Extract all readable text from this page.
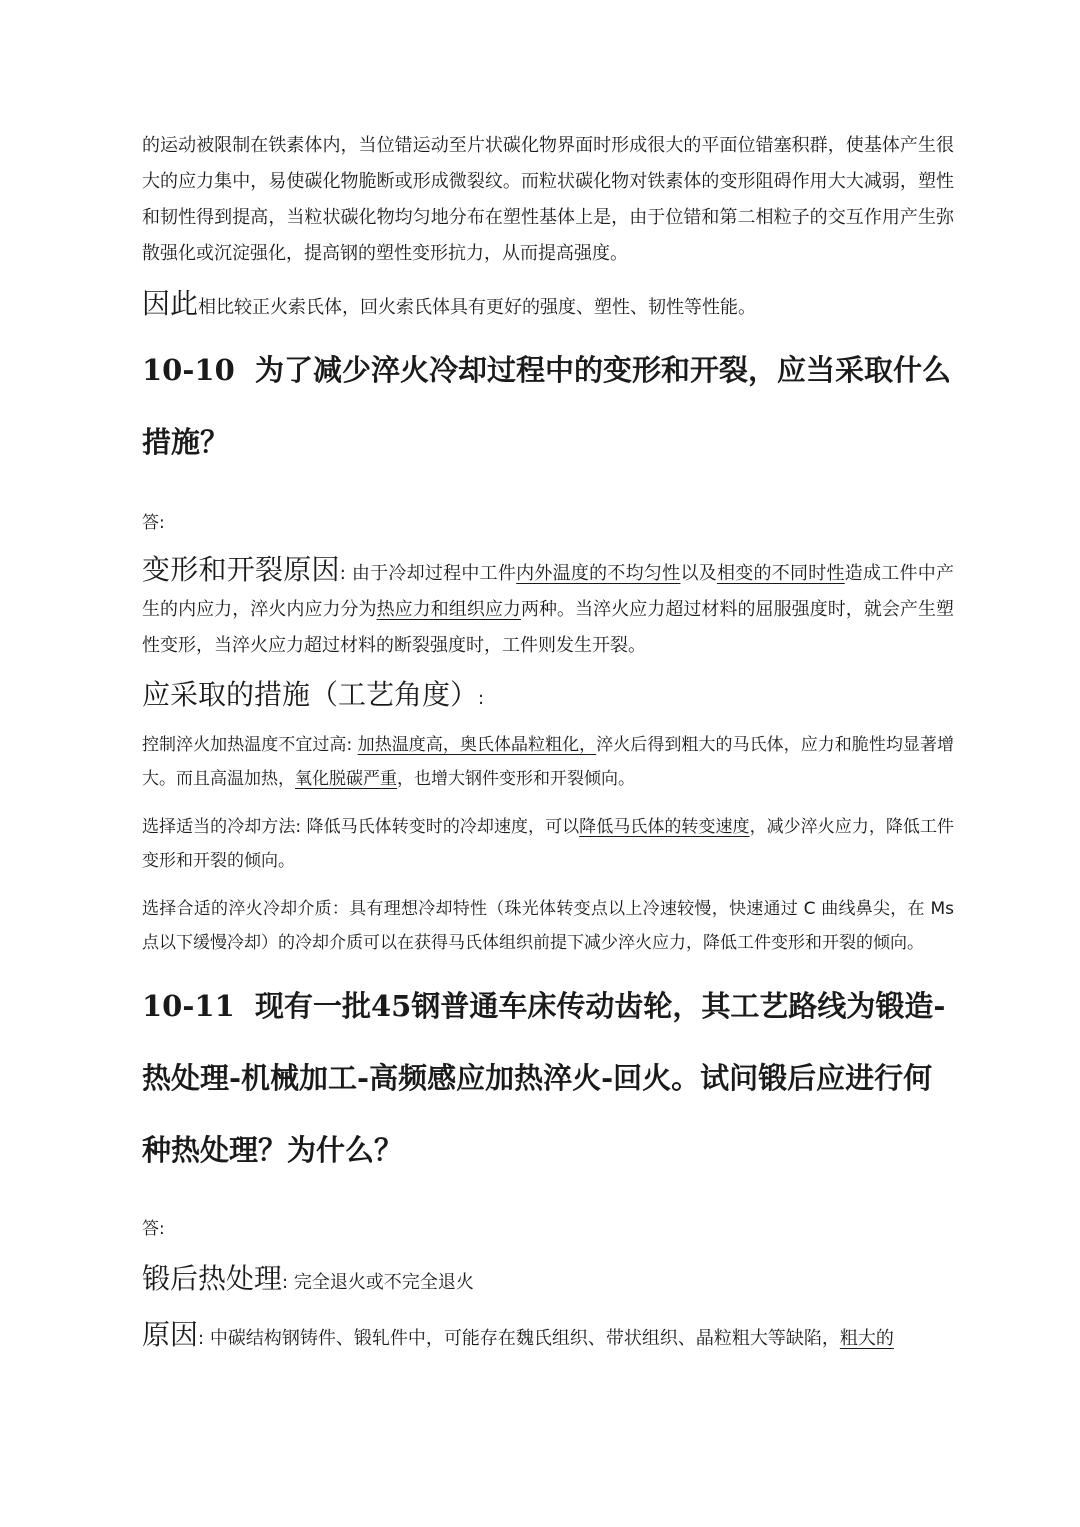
的运动被限制在铁素体内，当位错运动至片状碳化物界面时形成很大的平面位错塞积群，使基体产生很大的应力集中，易使碳化物脆断或形成微裂纹。而粒状碳化物对铁素体的变形阻碍作用大大减弱，塑性和韧性得到提高，当粒状碳化物均匀地分布在塑性基体上是，由于位错和第二相粒子的交互作用产生弥散强化或沉淀强化，提高钢的塑性变形抗力，从而提高强度。

因此相比较正火索氏体，回火索氏体具有更好的强度、塑性、韧性等性能。

10-10 为了减少淬火冷却过程中的变形和开裂，应当采取什么措施？

答:

变形和开裂原因: 由于冷却过程中工件内外温度的不均匀性以及相变的不同时性造成工件中产生的内应力，淬火内应力分为热应力和组织应力两种。当淬火应力超过材料的屈服强度时，就会产生塑性变形，当淬火应力超过材料的断裂强度时，工件则发生开裂。

应采取的措施（工艺角度）:

控制淬火加热温度不宜过高: 加热温度高，奥氏体晶粒粗化，淬火后得到粗大的马氏体，应力和脆性均显著增大。而且高温加热，氧化脱碳严重，也增大钢件变形和开裂倾向。

选择适当的冷却方法: 降低马氏体转变时的冷却速度，可以降低马氏体的转变速度，减少淬火应力，降低工件变形和开裂的倾向。

选择合适的淬火冷却介质：具有理想冷却特性（珠光体转变点以上冷速较慢，快速通过 C 曲线鼻尖，在 Ms 点以下缓慢冷却）的冷却介质可以在获得马氏体组织前提下减少淬火应力，降低工件变形和开裂的倾向。

10-11 现有一批45钢普通车床传动齿轮，其工艺路线为锻造-热处理-机械加工-高频感应加热淬火-回火。试问锻后应进行何种热处理？为什么？

答:

锻后热处理: 完全退火或不完全退火

原因: 中碳结构钢铸件、锻轧件中，可能存在魏氏组织、带状组织、晶粒粗大等缺陷，粗大的
